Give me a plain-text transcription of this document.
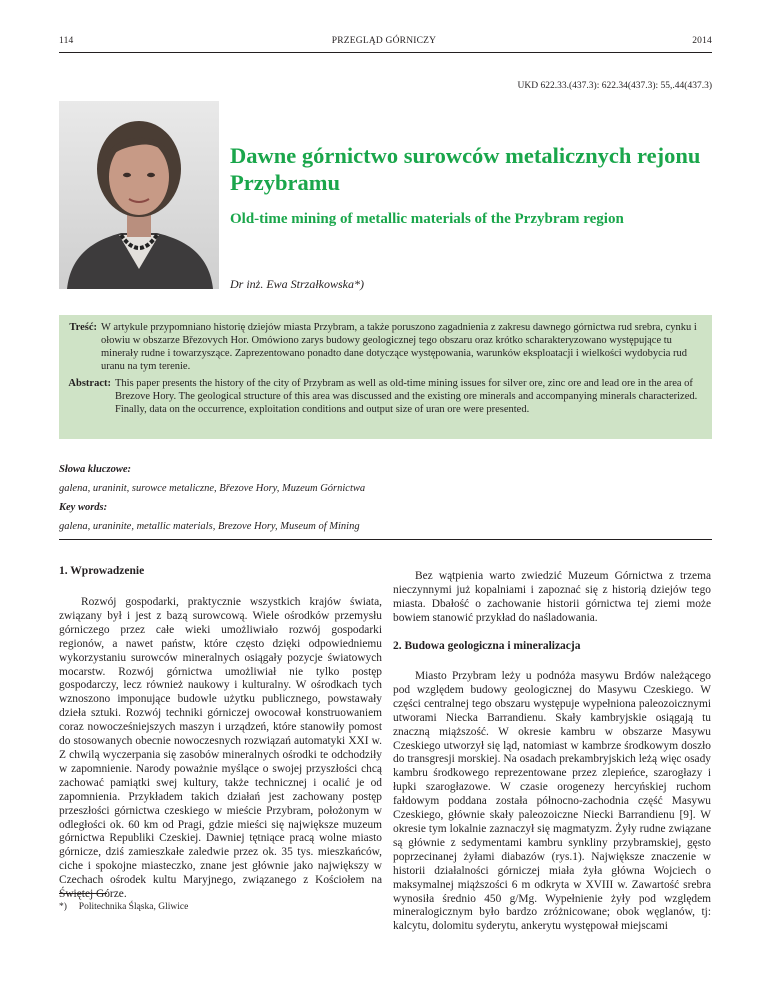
114	PRZEGLĄD GÓRNICZY	2014
UKD 622.33.(437.3): 622.34(437.3): 55,.44(437.3)
Dawne górnictwo surowców metalicznych rejonu Przybramu
Old-time mining of metallic materials of the Przybram region
Dr inż. Ewa Strzałkowska*)
Treść: W artykule przypomniano historię dziejów miasta Przybram, a także poruszono zagadnienia z zakresu dawnego górnictwa rud srebra, cynku i ołowiu w obszarze Březovych Hor. Omówiono zarys budowy geologicznej tego obszaru oraz krótko scharakteryzowano występujące tu minerały rudne i towarzyszące. Zaprezentowano ponadto dane dotyczące występowania, warunków eksploatacji i wielkości wydobycia rud uranu na tym terenie.
Abstract: This paper presents the history of the city of Przybram as well as old-time mining issues for silver ore, zinc ore and lead ore in the area of Brezove Hory. The geological structure of this area was discussed and the existing ore minerals and accompanying minerals characterized. Finally, data on the occurrence, exploitation conditions and output size of uran ore were presented.
Słowa kluczowe:
galena, uraninit, surowce metaliczne, Březove Hory, Muzeum Górnictwa
Key words:
galena, uraninite, metallic materials, Brezove Hory, Museum of Mining
1. Wprowadzenie

Rozwój gospodarki, praktycznie wszystkich krajów świata, związany był i jest z bazą surowcową. Wiele ośrodków przemysłu górniczego przez całe wieki umożliwiało rozwój gospodarki regionów, a nawet państw, które często dzięki odpowiedniemu wykorzystaniu surowców mineralnych osiągały pozycje światowych mocarstw. Rozwój górnictwa umożliwiał nie tylko postęp gospodarczy, lecz również naukowy i kulturalny. W ośrodkach tych wznoszono imponujące budowle użytku publicznego, powstawały dzieła sztuki. Rozwój techniki górniczej owocował konstruowaniem coraz nowocześniejszych maszyn i urządzeń, które stanowiły pomost do stosowanych obecnie nowoczesnych rozwiązań automatyki XXI w. Z chwilą wyczerpania się zasobów mineralnych ośrodki te odchodziły w zapomnienie. Narody poważnie myślące o swojej przyszłości chcą zachować pamiątki swej kultury, także technicznej i ocalić je od zapomnienia. Przykładem takich działań jest zachowany postęp przeszłości górnictwa czeskiego w mieście Przybram, położonym w odległości ok. 60 km od Pragi, gdzie mieści się największe muzeum górnictwa Republiki Czeskiej. Dawniej tętniące pracą wolne miasto górnicze, dziś zamieszkałe zaledwie przez ok. 35 tys. mieszkańców, ciche i spokojne miasteczko, znane jest głównie jako największy w Czechach ośrodek kultu Maryjnego, związanego z Kościołem na Świętej Górze.

Bez wątpienia warto zwiedzić Muzeum Górnictwa z trzema nieczynnymi już kopalniami i zapoznać się z historią dziejów tego miasta. Dbałość o zachowanie historii górnictwa tej ziemi może bowiem stanowić przykład do naśladowania.

2. Budowa geologiczna i mineralizacja

Miasto Przybram leży u podnóża masywu Brdów należącego pod względem budowy geologicznej do Masywu Czeskiego. W części centralnej tego obszaru występuje wypełniona paleozoicznymi utworami Niecka Barrandienu. Skały kambryjskie osiągają tu znaczną miąższość. W okresie kambru w obszarze Masywu Czeskiego utworzył się ląd, natomiast w kambrze środkowym doszło do transgresji morskiej. Na osadach prekambryjskich leżą więc osady kambru środkowego reprezentowane przez zlepieńce, szarogłazy i łupki szarogłazowe. W czasie orogenezy hercyńskiej ruchom fałdowym poddana została północno-zachodnia część Masywu Czeskiego, głównie skały paleozoiczne Niecki Barrandienu [9]. W okresie tym lokalnie zaznaczył się magmatyzm. Żyły rudne związane są głównie z sedymentami kambru synkliny przybramskiej, gęsto poprzecinanej żyłami diabazów (rys.1). Największe znaczenie w historii działalności górniczej miała żyła główna Wojciech o maksymalnej miąższości 6 m odkryta w XVIII w. Zawartość srebra wynosiła średnio 450 g/Mg. Wypełnienie żyły pod względem mineralogicznym było bardzo zróżnicowane; obok węglanów, tj: kalcytu, dolomitu syderytu, ankerytu występował miejscami

*) Politechnika Śląska, Gliwice
